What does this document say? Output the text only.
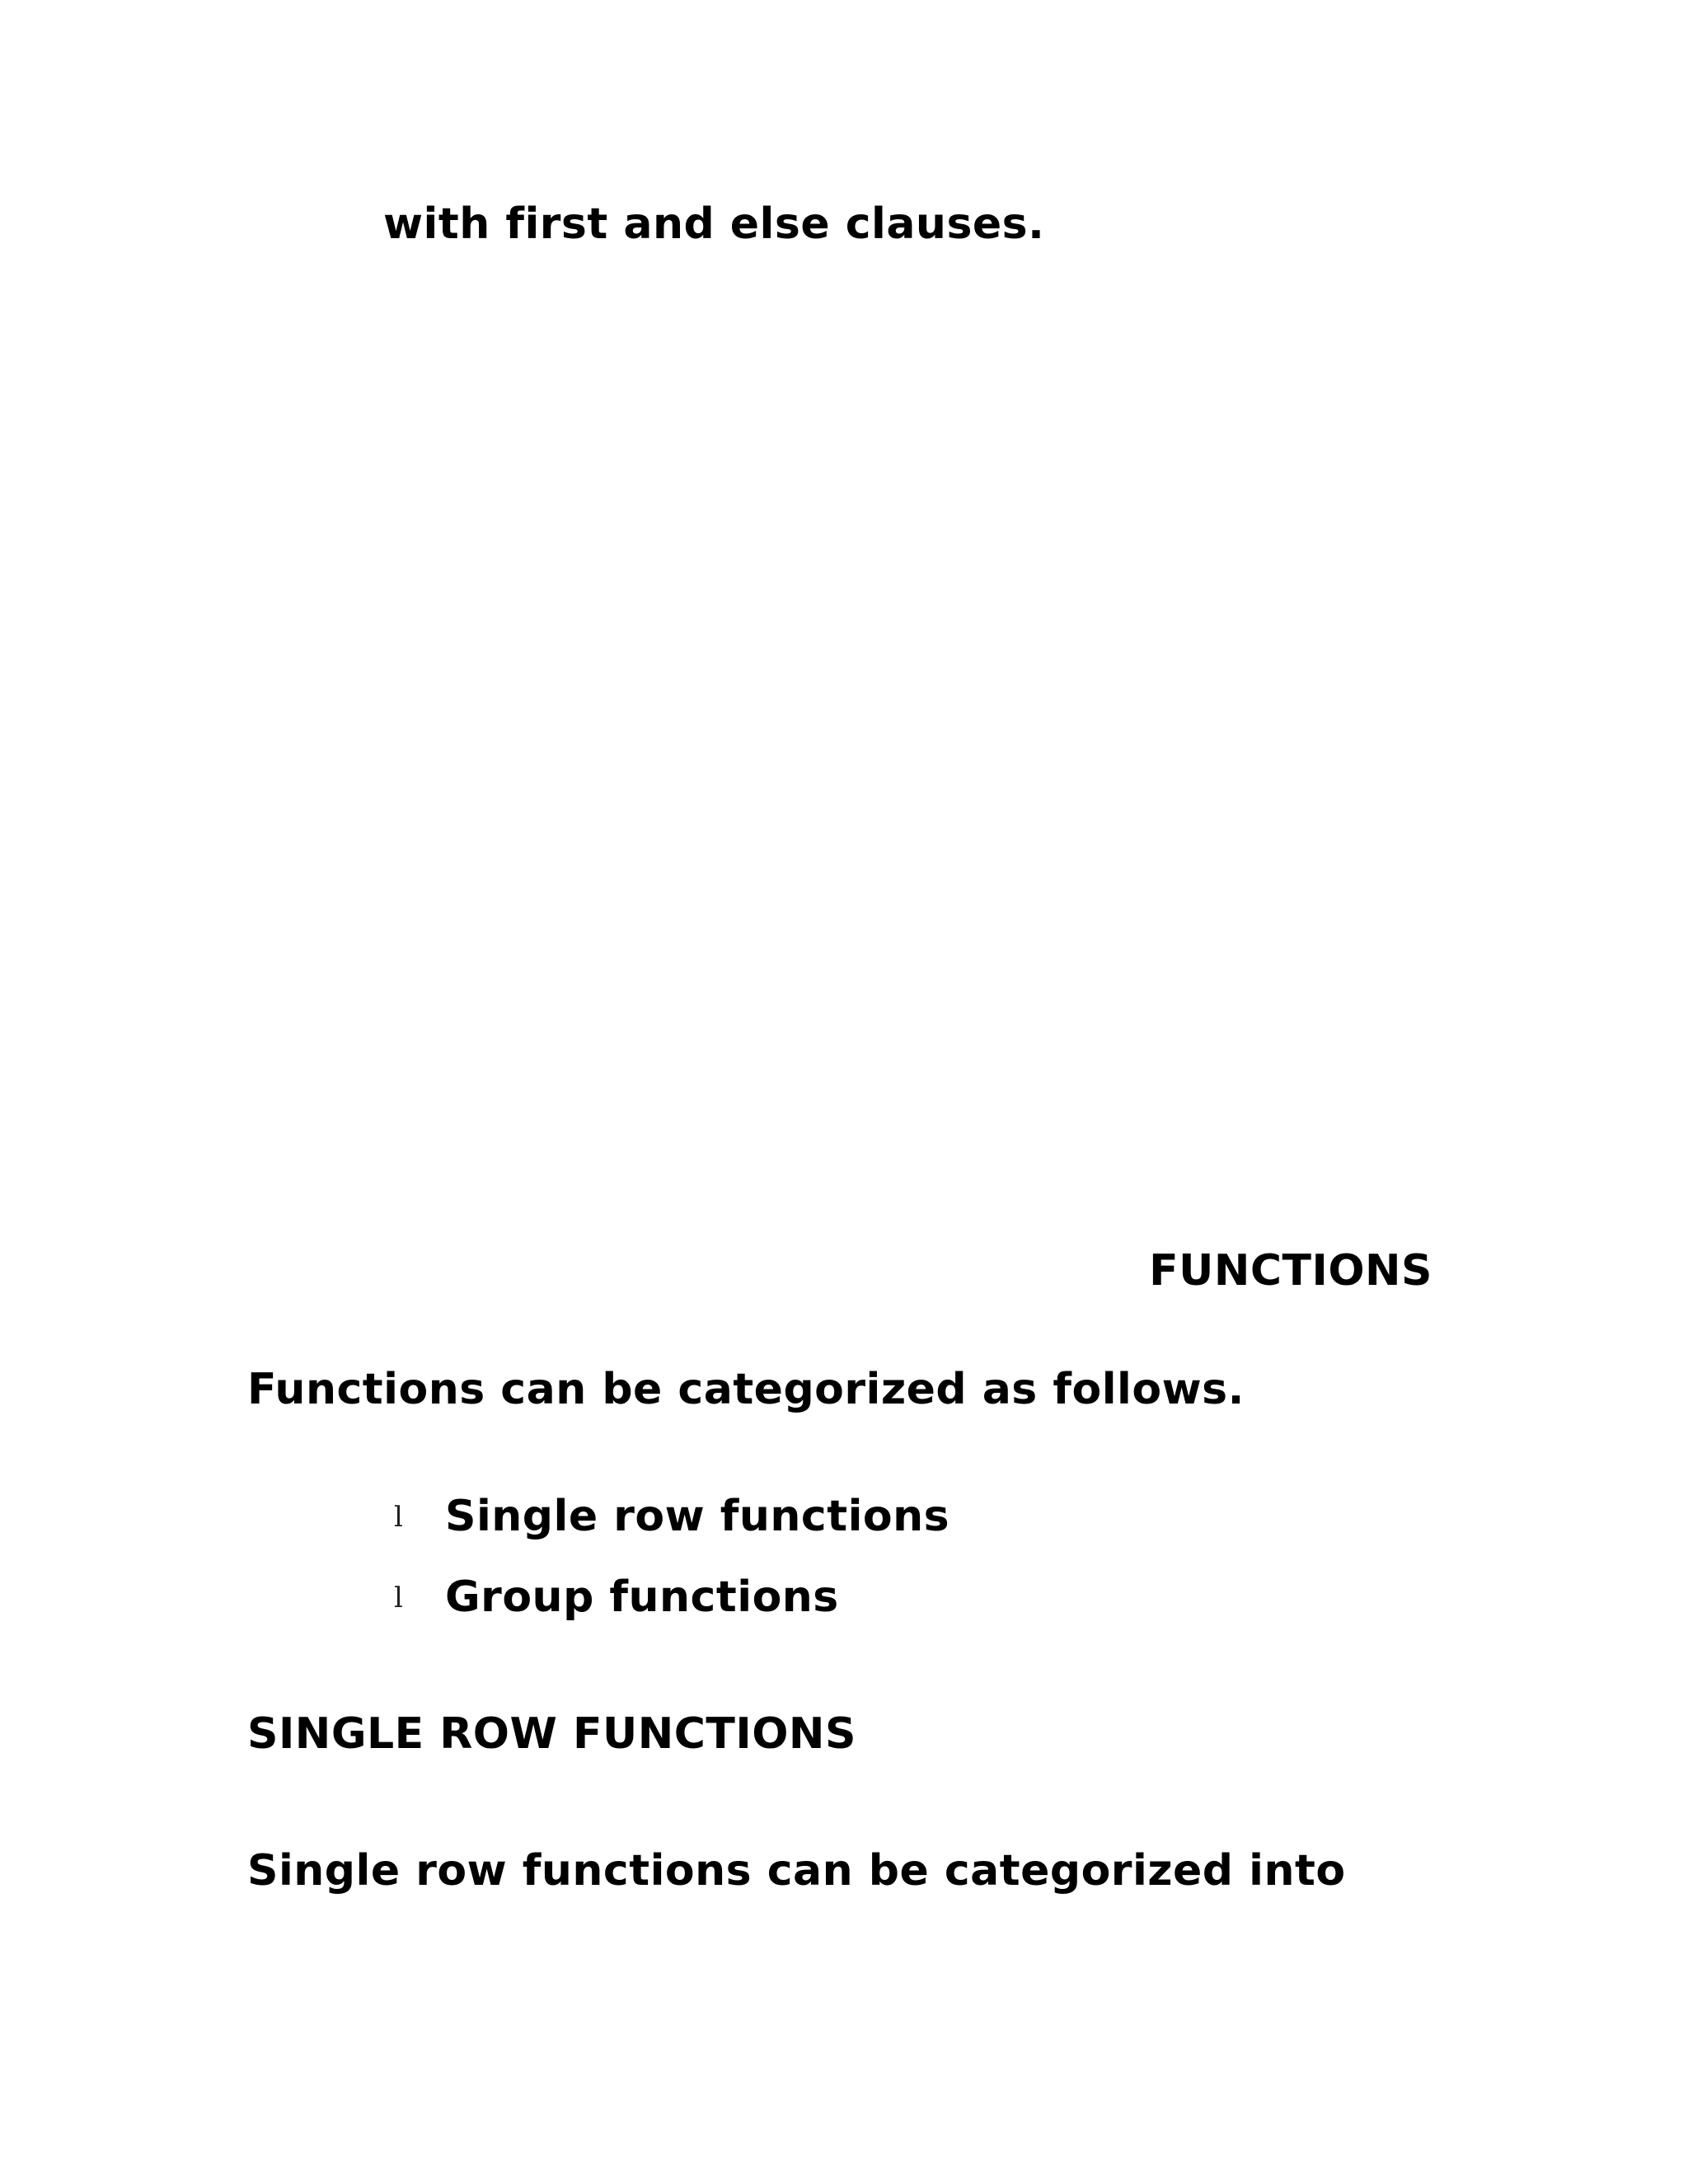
with first and else clauses.
FUNCTIONS
Functions can be categorized as follows.
l Single row functions
l Group functions
SINGLE ROW FUNCTIONS
Single row functions can be categorized into
